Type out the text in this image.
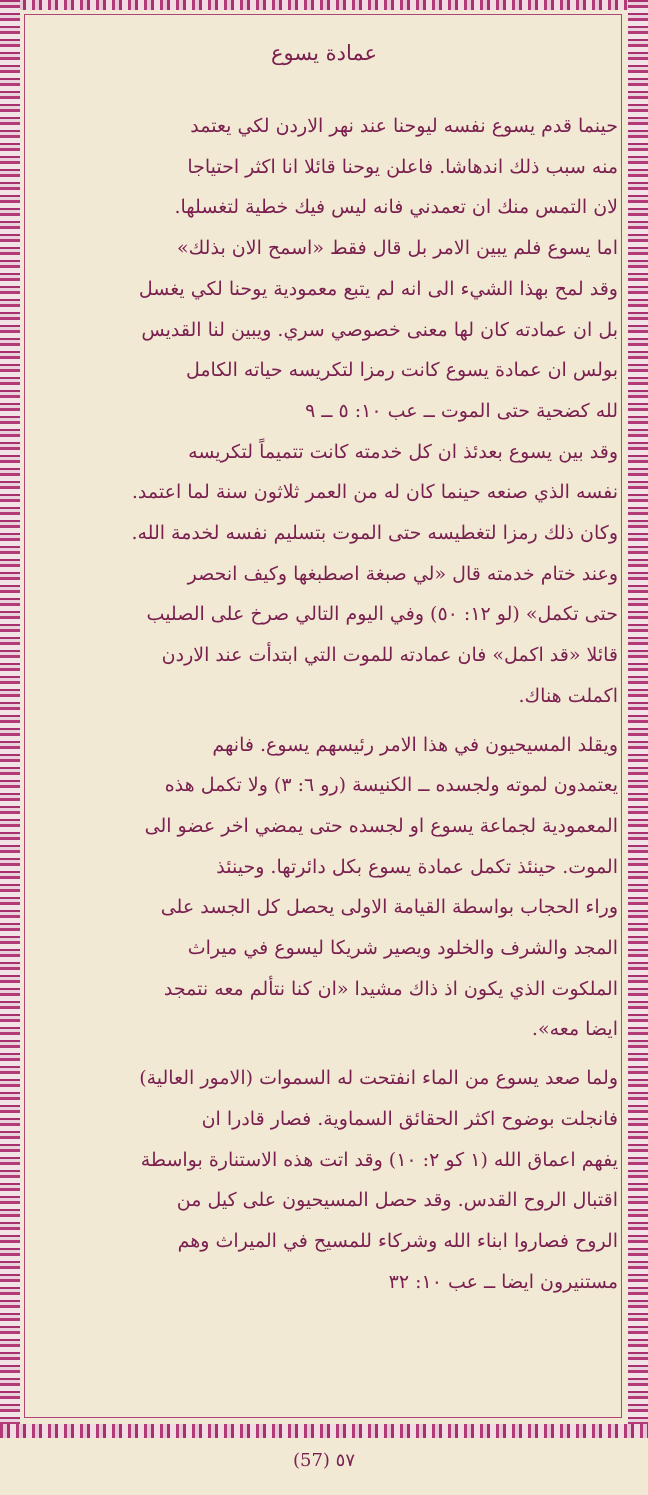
عمادة يسوع
حينما قدم يسوع نفسه ليوحنا عند نهر الاردن لكي يعتمد
منه سبب ذلك اندهاشا. فاعلن يوحنا قائلا انا اكثر احتياجا
لان التمس منك ان تعمدني فانه ليس فيك خطية لتغسلها.
اما يسوع فلم يبين الامر بل قال فقط «اسمح الان بذلك»
وقد لمح بهذا الشيء الى انه لم يتبع معمودية يوحنا لكي يغسل
بل ان عمادته كان لها معنى خصوصي سري. ويبين لنا القديس
بولس ان عمادة يسوع كانت رمزا لتكريسه حياته الكامل
لله كضحية حتى الموت ــ عب ١٠: ٥ ــ ٩
وقد بين يسوع بعدئذ ان كل خدمته كانت تتميماً لتكريسه
نفسه الذي صنعه حينما كان له من العمر ثلاثون سنة لما اعتمد.
وكان ذلك رمزا لتغطيسه حتى الموت بتسليم نفسه لخدمة الله.
وعند ختام خدمته قال «لي صبغة اصطبغها وكيف انحصر
حتى تكمل» (لو ١٢: ٥٠) وفي اليوم التالي صرخ على الصليب
قائلا «قد اكمل» فان عمادته للموت التي ابتدأت عند الاردن
اكملت هناك.
ويقلد المسيحيون في هذا الامر رئيسهم يسوع. فانهم
يعتمدون لموته ولجسده ــ الكنيسة (رو ٦: ٣) ولا تكمل هذه
المعمودية لجماعة يسوع او لجسده حتى يمضي اخر عضو الى
الموت. حينئذ تكمل عمادة يسوع بكل دائرتها. وحينئذ
وراء الحجاب بواسطة القيامة الاولى يحصل كل الجسد على
المجد والشرف والخلود ويصير شريكا ليسوع في ميراث
الملكوت الذي يكون اذ ذاك مشيدا «ان كنا نتألم معه نتمجد
ايضا معه».
ولما صعد يسوع من الماء انفتحت له السموات (الامور العالية)
فانجلت بوضوح اكثر الحقائق السماوية. فصار قادرا ان
يفهم اعماق الله (١ كو ٢: ١٠) وقد اتت هذه الاستنارة بواسطة
اقتبال الروح القدس. وقد حصل المسيحيون على كيل من
الروح فصاروا ابناء الله وشركاء للمسيح في الميراث وهم
مستنيرون ايضا ــ عب ١٠: ٣٢
(57) ٥٧
